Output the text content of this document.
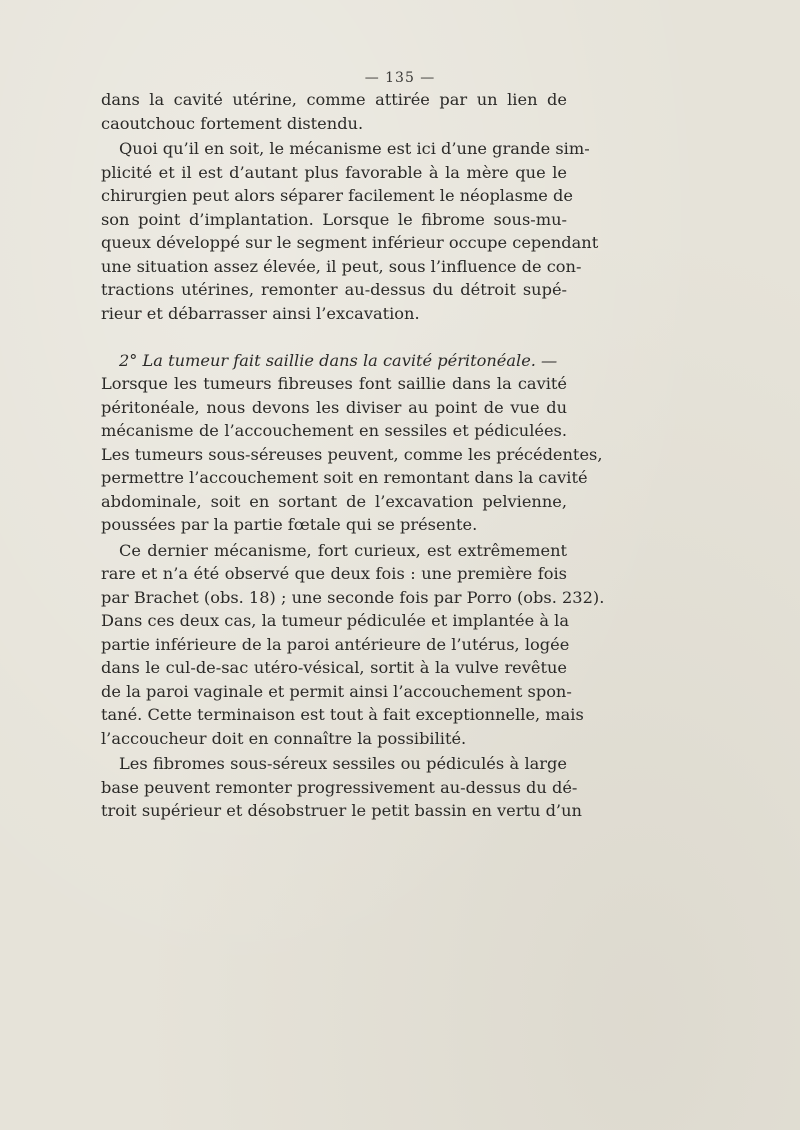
— 135 —
dans la cavité utérine, comme attirée par un lien de
caoutchouc fortement distendu.
Quoi qu’il en soit, le mécanisme est ici d’une grande sim-
plicité et il est d’autant plus favorable à la mère que le
chirurgien peut alors séparer facilement le néoplasme de
son point d’implantation. Lorsque le fibrome sous-mu-
queux développé sur le segment inférieur occupe cependant
une situation assez élevée, il peut, sous l’influence de con-
tractions utérines, remonter au-dessus du détroit supé-
rieur et débarrasser ainsi l’excavation.
2° La tumeur fait saillie dans la cavité péritonéale. —
Lorsque les tumeurs fibreuses font saillie dans la cavité
péritonéale, nous devons les diviser au point de vue du
mécanisme de l’accouchement en sessiles et pédiculées.
Les tumeurs sous-séreuses peuvent, comme les précédentes,
permettre l’accouchement soit en remontant dans la cavité
abdominale, soit en sortant de l’excavation pelvienne,
poussées par la partie fœtale qui se présente.
Ce dernier mécanisme, fort curieux, est extrêmement
rare et n’a été observé que deux fois : une première fois
par Brachet (obs. 18) ; une seconde fois par Porro (obs. 232).
Dans ces deux cas, la tumeur pédiculée et implantée à la
partie inférieure de la paroi antérieure de l’utérus, logée
dans le cul-de-sac utéro-vésical, sortit à la vulve revêtue
de la paroi vaginale et permit ainsi l’accouchement spon-
tané. Cette terminaison est tout à fait exceptionnelle, mais
l’accoucheur doit en connaître la possibilité.
Les fibromes sous-séreux sessiles ou pédiculés à large
base peuvent remonter progressivement au-dessus du dé-
troit supérieur et désobstruer le petit bassin en vertu d’un
